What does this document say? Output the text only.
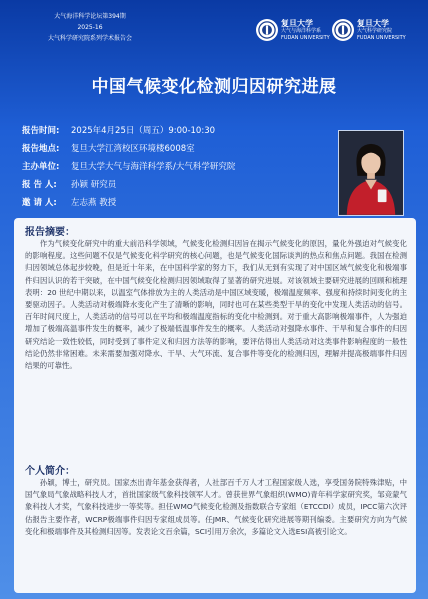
大气海洋科学论坛第394期
2025-16
大气科学研究院系列学术报告会
复旦大学
大气与海洋科学系
FUDAN UNIVERSITY
复旦大学
大气科学研究院
FUDAN UNIVERSITY
中国气候变化检测归因研究进展
报告时间:	2025年4月25日（周五）9:00-10:30
报告地点:	复旦大学江湾校区环境楼6008室
主办单位:	复旦大学大气与海洋科学系/大气科学研究院
报 告 人:	孙颖 研究员
邀 请 人:	左志燕 教授
报告摘要：
作为气候变化研究中的重大前沿科学领域，气候变化检测归因旨在揭示气候变化的原因，量化外强迫对气候变化的影响程度。这些问题不仅是气候变化科学研究的核心问题，也是气候变化国际谈判的热点和焦点问题。我国在检测归因领域总体起步较晚，但是近十年来，在中国科学家的努力下，我们从无到有实现了对中国区域气候变化和极端事件归因认识的若干突破，在中国气候变化检测归因领域取得了显著的研究进展。对该领域主要研究进展的回顾和梳理表明：20 世纪中期以来，以温室气体排放为主的人类活动是中国区域变暖，极端温度频率、强度和持续时间变化的主要驱动因子。人类活动对极端降水变化产生了清晰的影响，同时也可在某些类型干旱的变化中发现人类活动的信号。百年时间尺度上，人类活动的信号可以在平均和极端温度指标的变化中检测到。对于重大高影响极端事件，人为强迫增加了极端高温事件发生的概率，减少了极端低温事件发生的概率。人类活动对强降水事件、干旱和复合事件的归因研究结论一致性较低，同时受到了事件定义和归因方法等的影响，要评估得出人类活动对这类事件影响程度的一般性结论仍然非常困难。未来需要加强对降水、干旱、大气环流、复合事件等变化的检测归因，理解并提高极端事件归因结果的可靠性。
个人简介：
孙颖，博士，研究员。国家杰出青年基金获得者，人社部百千万人才工程国家级人选，享受国务院特殊津贴，中国气象局气象战略科技人才，首批国家级气象科技领军人才。曾获世界气象组织(WMO)青年科学家研究奖，邹竞蒙气象科技人才奖，气象科技进步一等奖等。担任WMO气候变化检测及指数联合专家组（ETCCDI）成员，IPCC第六次评估报告主要作者，WCRP极端事件归因专家组成员等。任JMR、气候变化研究进展等期刊编委。主要研究方向为气候变化和极端事件及其检测归因等。发表论文百余篇，SCI引用万余次，多篇论文入选ESI高被引论文。
